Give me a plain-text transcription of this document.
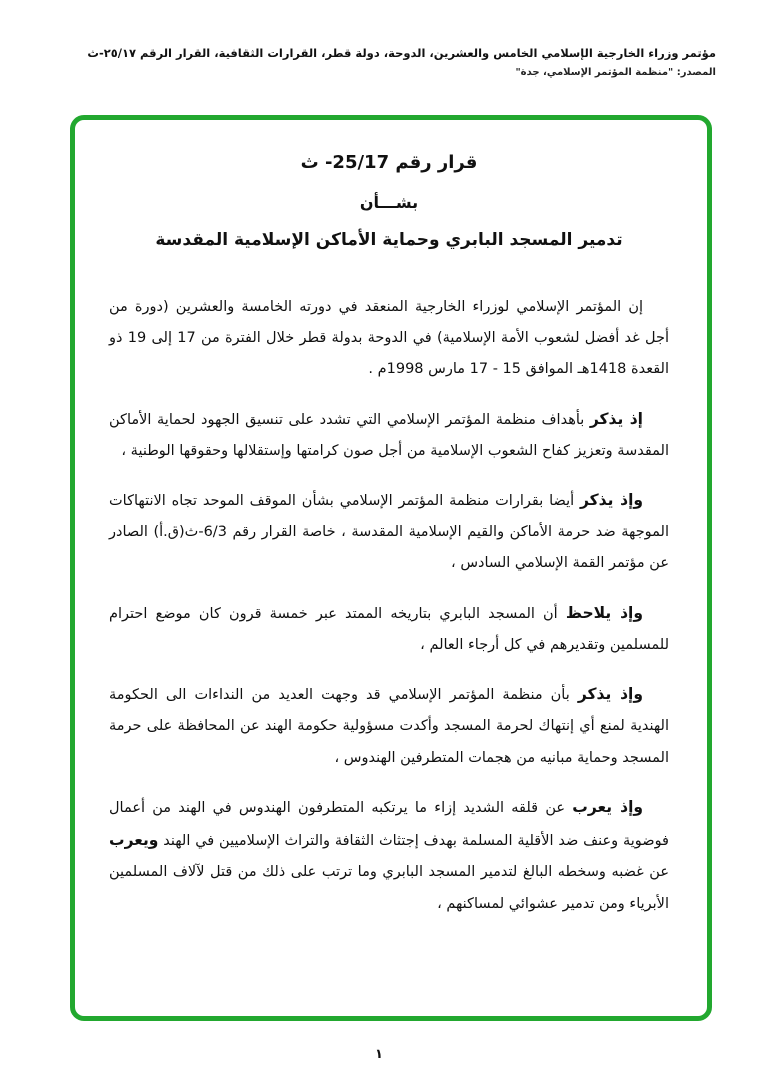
مؤتمر وزراء الخارجية الإسلامي الخامس والعشرين، الدوحة، دولة قطر، القرارات الثقافية، القرار الرقم ٢٥/١٧-ث
المصدر: "منظمة المؤتمر الإسلامي، جدة"
قرار رقم 25/17- ث
بشـــأن
تدمير المسجد البابري وحماية الأماكن الإسلامية المقدسة

إن المؤتمر الإسلامي لوزراء الخارجية المنعقد في دورته الخامسة والعشرين (دورة من أجل غد أفضل لشعوب الأمة الإسلامية) في الدوحة بدولة قطر خلال الفترة من 17 إلى 19 ذو القعدة 1418هـ الموافق 15 - 17 مارس 1998م .

إذ يذكر بأهداف منظمة المؤتمر الإسلامي التي تشدد على تنسيق الجهود لحماية الأماكن المقدسة وتعزيز كفاح الشعوب الإسلامية من أجل صون كرامتها وإستقلالها وحقوقها الوطنية ،

وإذ يذكر أيضا بقرارات منظمة المؤتمر الإسلامي بشأن الموقف الموحد تجاه الانتهاكات الموجهة ضد حرمة الأماكن والقيم الإسلامية المقدسة ، خاصة القرار رقم 6/3-ث(ق.أ) الصادر عن مؤتمر القمة الإسلامي السادس ،

وإذ يلاحظ أن المسجد البابري بتاريخه الممتد عبر خمسة قرون كان موضع احترام للمسلمين وتقديرهم في كل أرجاء العالم ،

وإذ يذكر بأن منظمة المؤتمر الإسلامي قد وجهت العديد من النداءات الى الحكومة الهندية لمنع أي إنتهاك لحرمة المسجد وأكدت مسؤولية حكومة الهند عن المحافظة على حرمة المسجد وحماية مبانيه من هجمات المتطرفين الهندوس ،

وإذ يعرب عن قلقه الشديد إزاء ما يرتكبه المتطرفون الهندوس في الهند من أعمال فوضوية وعنف ضد الأقلية المسلمة بهدف إجتثاث الثقافة والتراث الإسلاميين في الهند ويعرب عن غضبه وسخطه البالغ لتدمير المسجد البابري وما ترتب على ذلك من قتل لآلاف المسلمين الأبرياء ومن تدمير عشوائي لمساكنهم ،

١
